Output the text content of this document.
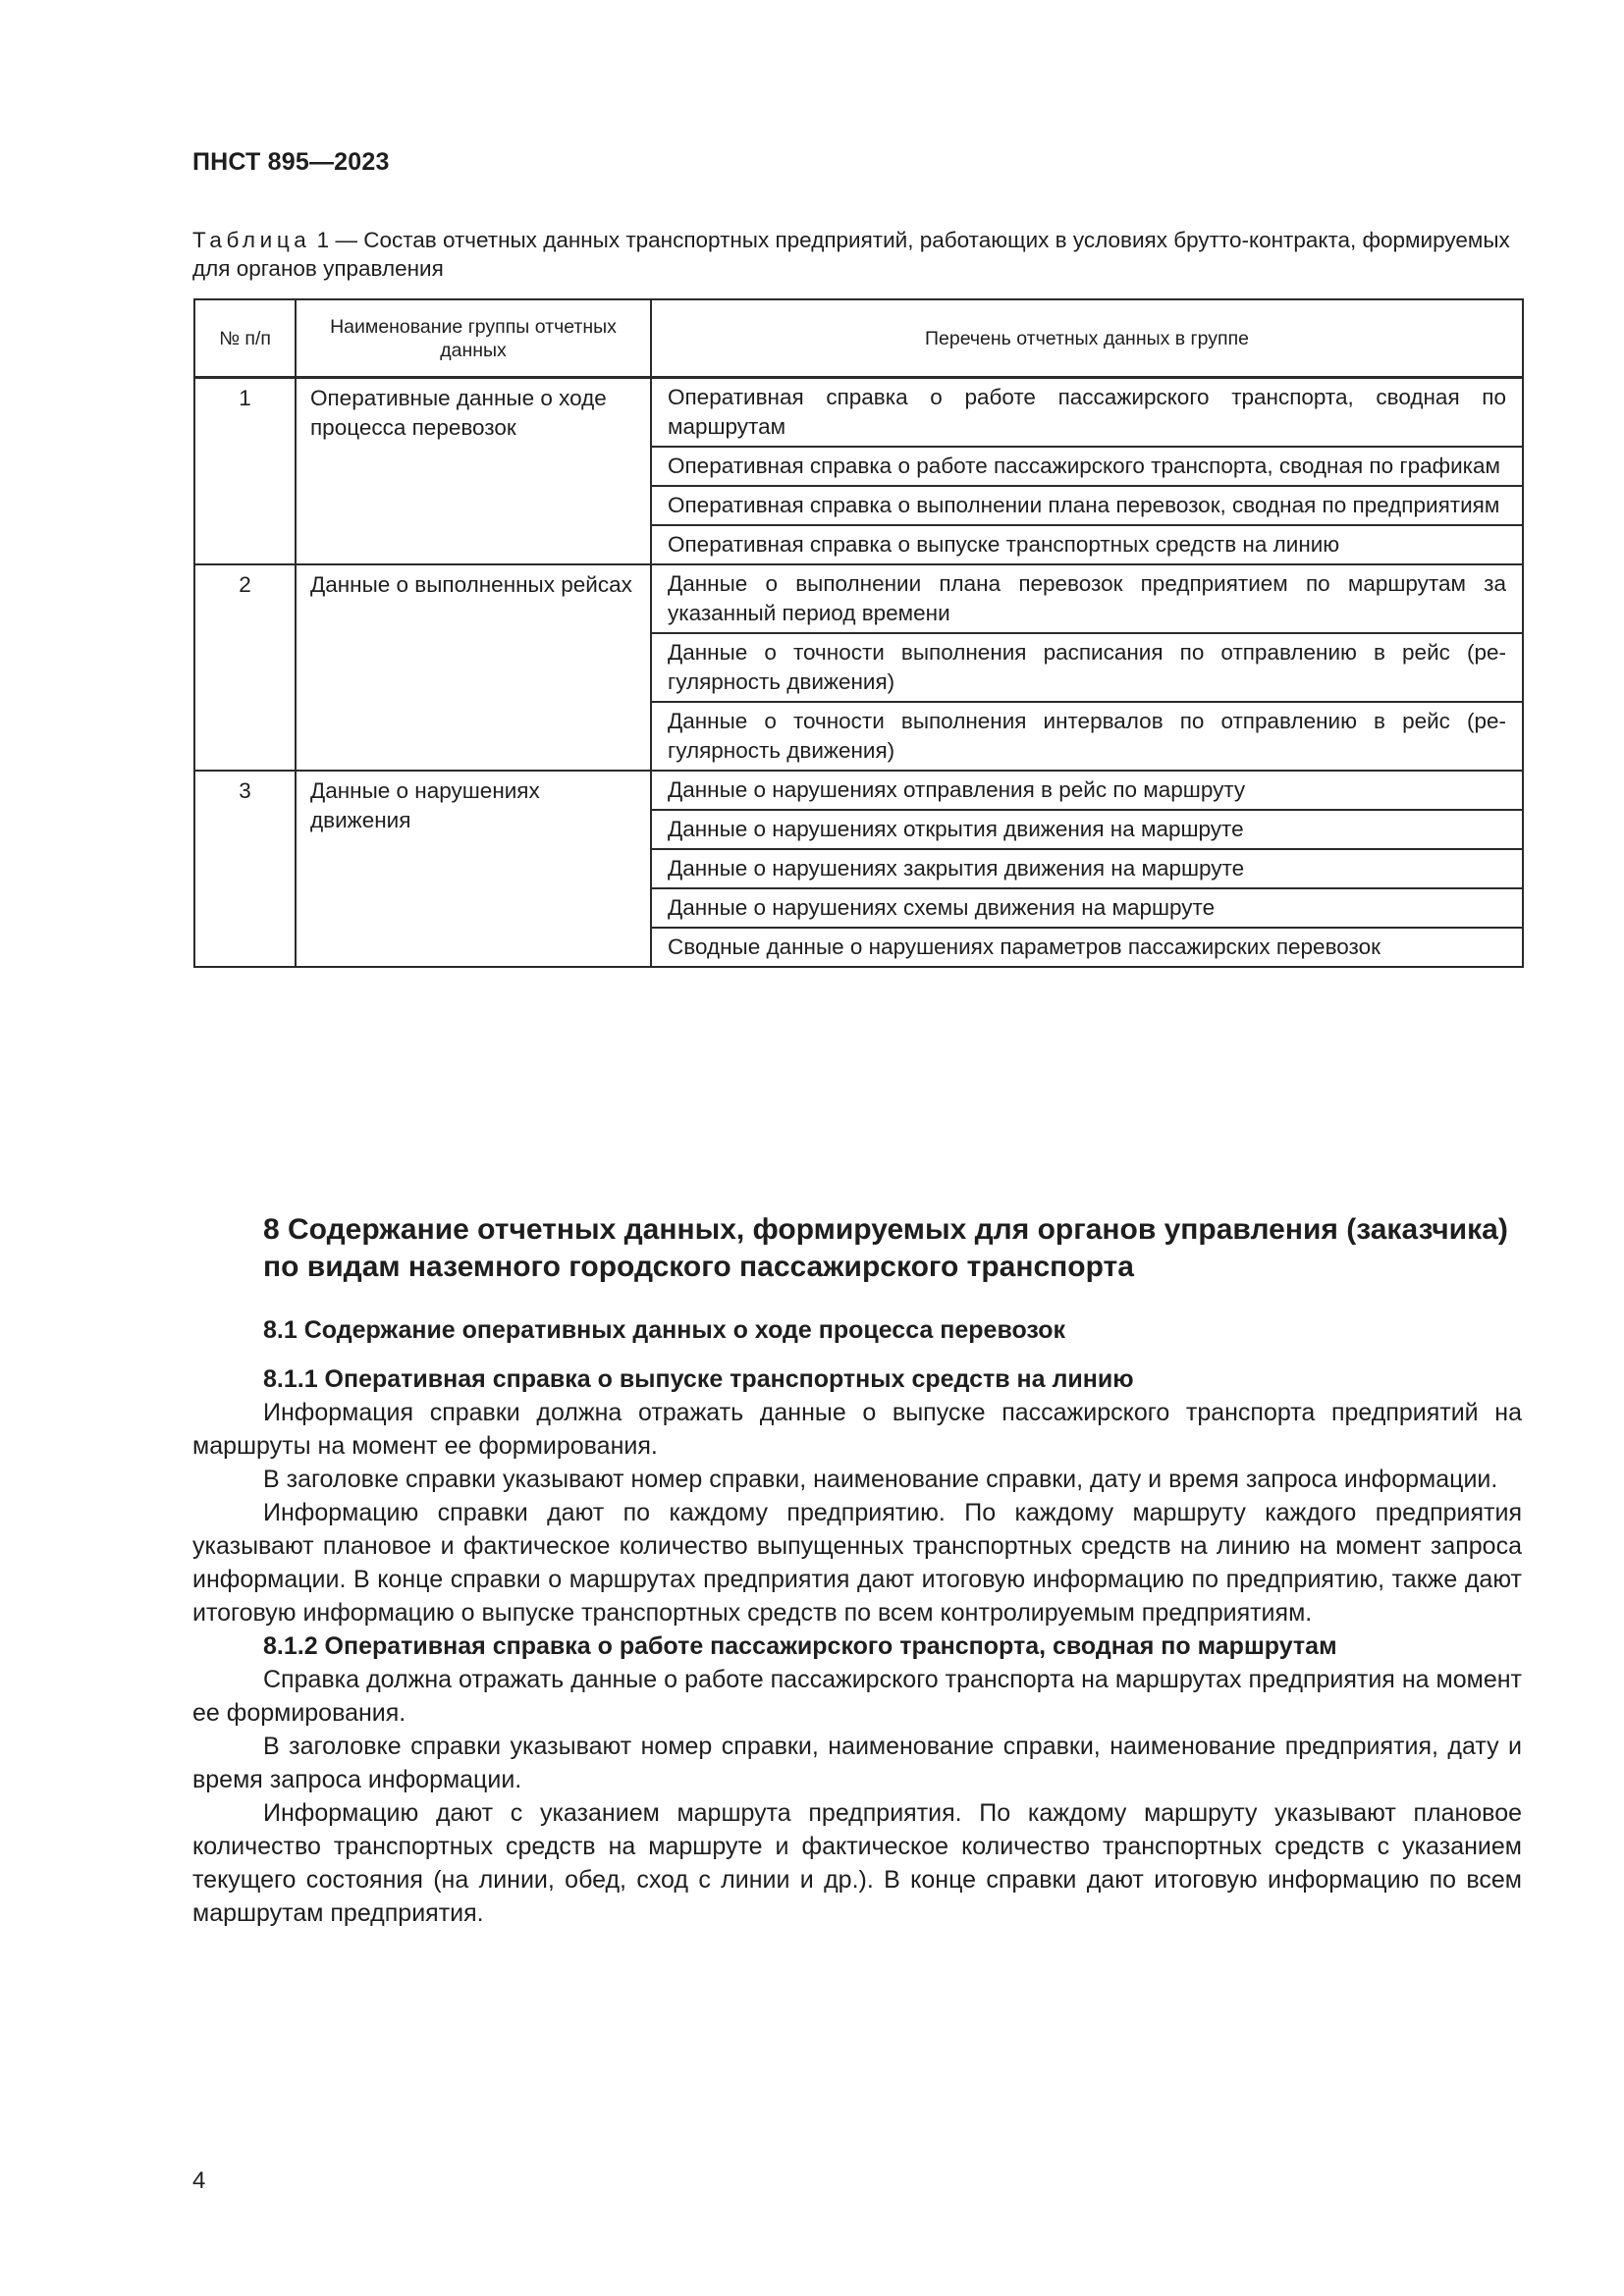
ПНСТ 895—2023
Таблица 1 — Состав отчетных данных транспортных предприятий, работающих в условиях брутто-контракта, формируемых для органов управления
№ п/п	Наименование группы отчетных данных	Перечень отчетных данных в группе
1	Оперативные данные о ходе процесса перевозок	Оперативная справка о работе пассажирского транспорта, сводная по маршрутам
		Оперативная справка о работе пассажирского транспорта, сводная по графикам
		Оперативная справка о выполнении плана перевозок, сводная по предприятиям
		Оперативная справка о выпуске транспортных средств на линию
2	Данные о выполненных рейсах	Данные о выполнении плана перевозок предприятием по маршрутам за указанный период времени
		Данные о точности выполнения расписания по отправлению в рейс (регулярность движения)
		Данные о точности выполнения интервалов по отправлению в рейс (регулярность движения)
3	Данные о нарушениях движения	Данные о нарушениях отправления в рейс по маршруту
		Данные о нарушениях открытия движения на маршруте
		Данные о нарушениях закрытия движения на маршруте
		Данные о нарушениях схемы движения на маршруте
		Сводные данные о нарушениях параметров пассажирских перевозок
8 Содержание отчетных данных, формируемых для органов управления (заказчика) по видам наземного городского пассажирского транспорта
8.1 Содержание оперативных данных о ходе процесса перевозок

8.1.1 Оперативная справка о выпуске транспортных средств на линию

Информация справки должна отражать данные о выпуске пассажирского транспорта предприятий на маршруты на момент ее формирования.

В заголовке справки указывают номер справки, наименование справки, дату и время запроса информации.

Информацию справки дают по каждому предприятию. По каждому маршруту каждого предприятия указывают плановое и фактическое количество выпущенных транспортных средств на линию на момент запроса информации. В конце справки о маршрутах предприятия дают итоговую информацию по предприятию, также дают итоговую информацию о выпуске транспортных средств по всем контролируемым предприятиям.

8.1.2 Оперативная справка о работе пассажирского транспорта, сводная по маршрутам

Справка должна отражать данные о работе пассажирского транспорта на маршрутах предприятия на момент ее формирования.

В заголовке справки указывают номер справки, наименование справки, наименование предприятия, дату и время запроса информации.

Информацию дают с указанием маршрута предприятия. По каждому маршруту указывают плановое количество транспортных средств на маршруте и фактическое количество транспортных средств с указанием текущего состояния (на линии, обед, сход с линии и др.). В конце справки дают итоговую информацию по всем маршрутам предприятия.

4
